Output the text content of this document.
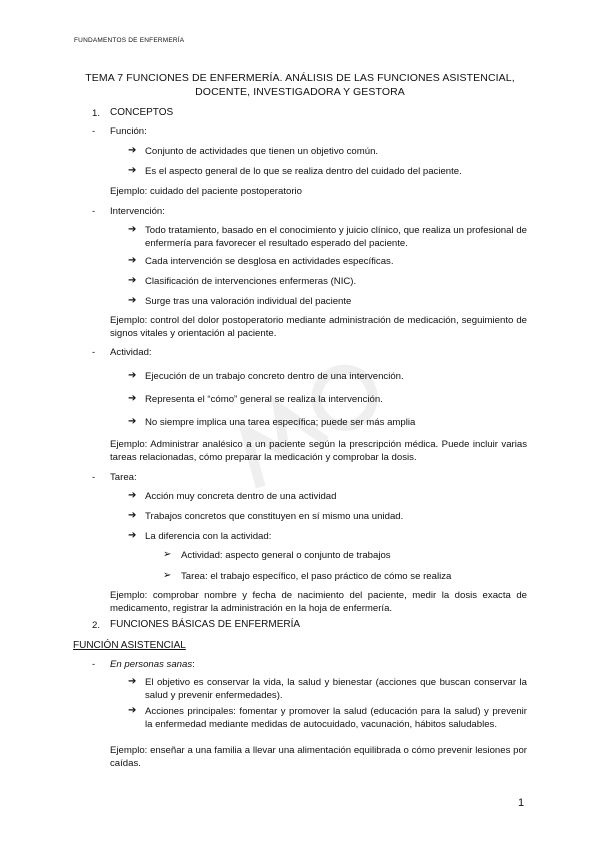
FUNDAMENTOS DE ENFERMERÍA
TEMA 7 FUNCIONES DE ENFERMERÍA. ANÁLISIS DE LAS FUNCIONES ASISTENCIAL,
DOCENTE, INVESTIGADORA Y GESTORA
1. CONCEPTOS
- Función:
➔ Conjunto de actividades que tienen un objetivo común.
➔ Es el aspecto general de lo que se realiza dentro del cuidado del paciente.
Ejemplo: cuidado del paciente postoperatorio
- Intervención:
➔ Todo tratamiento, basado en el conocimiento y juicio clínico, que realiza un profesional de enfermería para favorecer el resultado esperado del paciente.
➔ Cada intervención se desglosa en actividades específicas.
➔ Clasificación de intervenciones enfermeras (NIC).
➔ Surge tras una valoración individual del paciente
Ejemplo: control del dolor postoperatorio mediante administración de medicación, seguimiento de signos vitales y orientación al paciente.
- Actividad:
➔ Ejecución de un trabajo concreto dentro de una intervención.
➔ Representa el “cómo” general se realiza la intervención.
➔ No siempre implica una tarea específica; puede ser más amplia
Ejemplo: Administrar analésico a un paciente según la prescripción médica. Puede incluir varias tareas relacionadas, cómo preparar la medicación y comprobar la dosis.
- Tarea:
➔ Acción muy concreta dentro de una actividad
➔ Trabajos concretos que constituyen en sí mismo una unidad.
➔ La diferencia con la actividad:
➢ Actividad: aspecto general o conjunto de trabajos
➢ Tarea: el trabajo específico, el paso práctico de cómo se realiza
Ejemplo: comprobar nombre y fecha de nacimiento del paciente, medir la dosis exacta de medicamento, registrar la administración en la hoja de enfermería.
2. FUNCIONES BÁSICAS DE ENFERMERÍA
FUNCIÓN ASISTENCIAL
- En personas sanas:
➔ El objetivo es conservar la vida, la salud y bienestar (acciones que buscan conservar la salud y prevenir enfermedades).
➔ Acciones principales: fomentar y promover la salud (educación para la salud) y prevenir la enfermedad mediante medidas de autocuidado, vacunación, hábitos saludables.
Ejemplo: enseñar a una familia a llevar una alimentación equilibrada o cómo prevenir lesiones por caídas.
1
